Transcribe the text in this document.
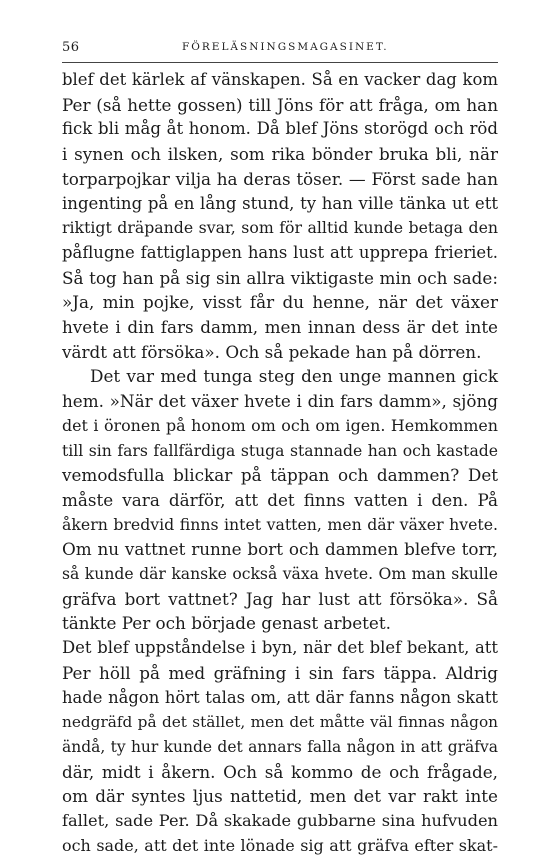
56	FÖRELÄSNINGSMAGASINET.
blef det kärlek af vänskapen. Så en vacker dag kom
Per (så hette gossen) till Jöns för att fråga, om han
fick bli måg åt honom. Då blef Jöns storögd och röd
i synen och ilsken, som rika bönder bruka bli, när
torparpojkar vilja ha deras töser. — Först sade han
ingenting på en lång stund, ty han ville tänka ut ett
riktigt dräpande svar, som för alltid kunde betaga den
påflugne fattiglappen hans lust att upprepa frieriet.
Så tog han på sig sin allra viktigaste min och sade:
»Ja, min pojke, visst får du henne, när det växer
hvete i din fars damm, men innan dess är det inte
värdt att försöka». Och så pekade han på dörren.
Det var med tunga steg den unge mannen gick
hem. »När det växer hvete i din fars damm», sjöng
det i öronen på honom om och om igen. Hemkommen
till sin fars fallfärdiga stuga stannade han och kastade
vemodsfulla blickar på täppan och dammen? Det
måste vara därför, att det finns vatten i den. På
åkern bredvid finns intet vatten, men där växer hvete.
Om nu vattnet runne bort och dammen blefve torr,
så kunde där kanske också växa hvete. Om man skulle
gräfva bort vattnet? Jag har lust att försöka». Så
tänkte Per och började genast arbetet.
Det blef uppståndelse i byn, när det blef bekant, att
Per höll på med gräfning i sin fars täppa. Aldrig
hade någon hört talas om, att där fanns någon skatt
nedgräfd på det stället, men det måtte väl finnas någon
ändå, ty hur kunde det annars falla någon in att gräfva
där, midt i åkern. Och så kommo de och frågade,
om där syntes ljus nattetid, men det var rakt inte
fallet, sade Per. Då skakade gubbarne sina hufvuden
och sade, att det inte lönade sig att gräfva efter skat-
